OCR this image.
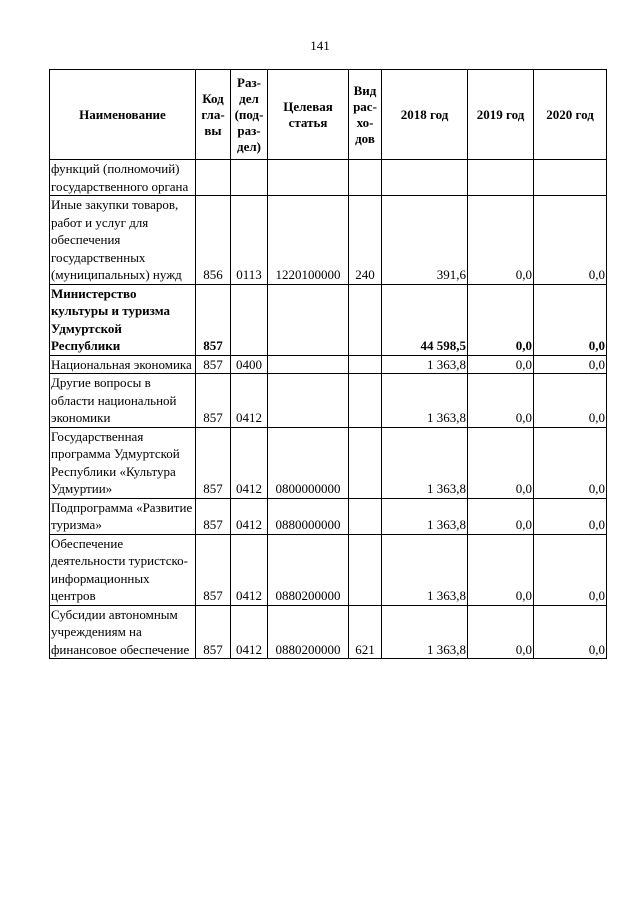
141
Наименование	Код гла-вы	Раз-дел (под-раз-дел)	Целевая статья	Вид рас-хо-дов	2018 год	2019 год	2020 год
функций (полномочий) государственного органа							
Иные закупки товаров, работ и услуг для обеспечения государственных (муниципальных) нужд	856	0113	1220100000	240	391,6	0,0	0,0
Министерство культуры и туризма Удмуртской Республики	857				44 598,5	0,0	0,0
Национальная экономика	857	0400			1 363,8	0,0	0,0
Другие вопросы в области национальной экономики	857	0412			1 363,8	0,0	0,0
Государственная программа Удмуртской Республики «Культура Удмуртии»	857	0412	0800000000		1 363,8	0,0	0,0
Подпрограмма «Развитие туризма»	857	0412	0880000000		1 363,8	0,0	0,0
Обеспечение деятельности туристско-информационных центров	857	0412	0880200000		1 363,8	0,0	0,0
Субсидии автономным учреждениям на финансовое обеспечение	857	0412	0880200000	621	1 363,8	0,0	0,0
